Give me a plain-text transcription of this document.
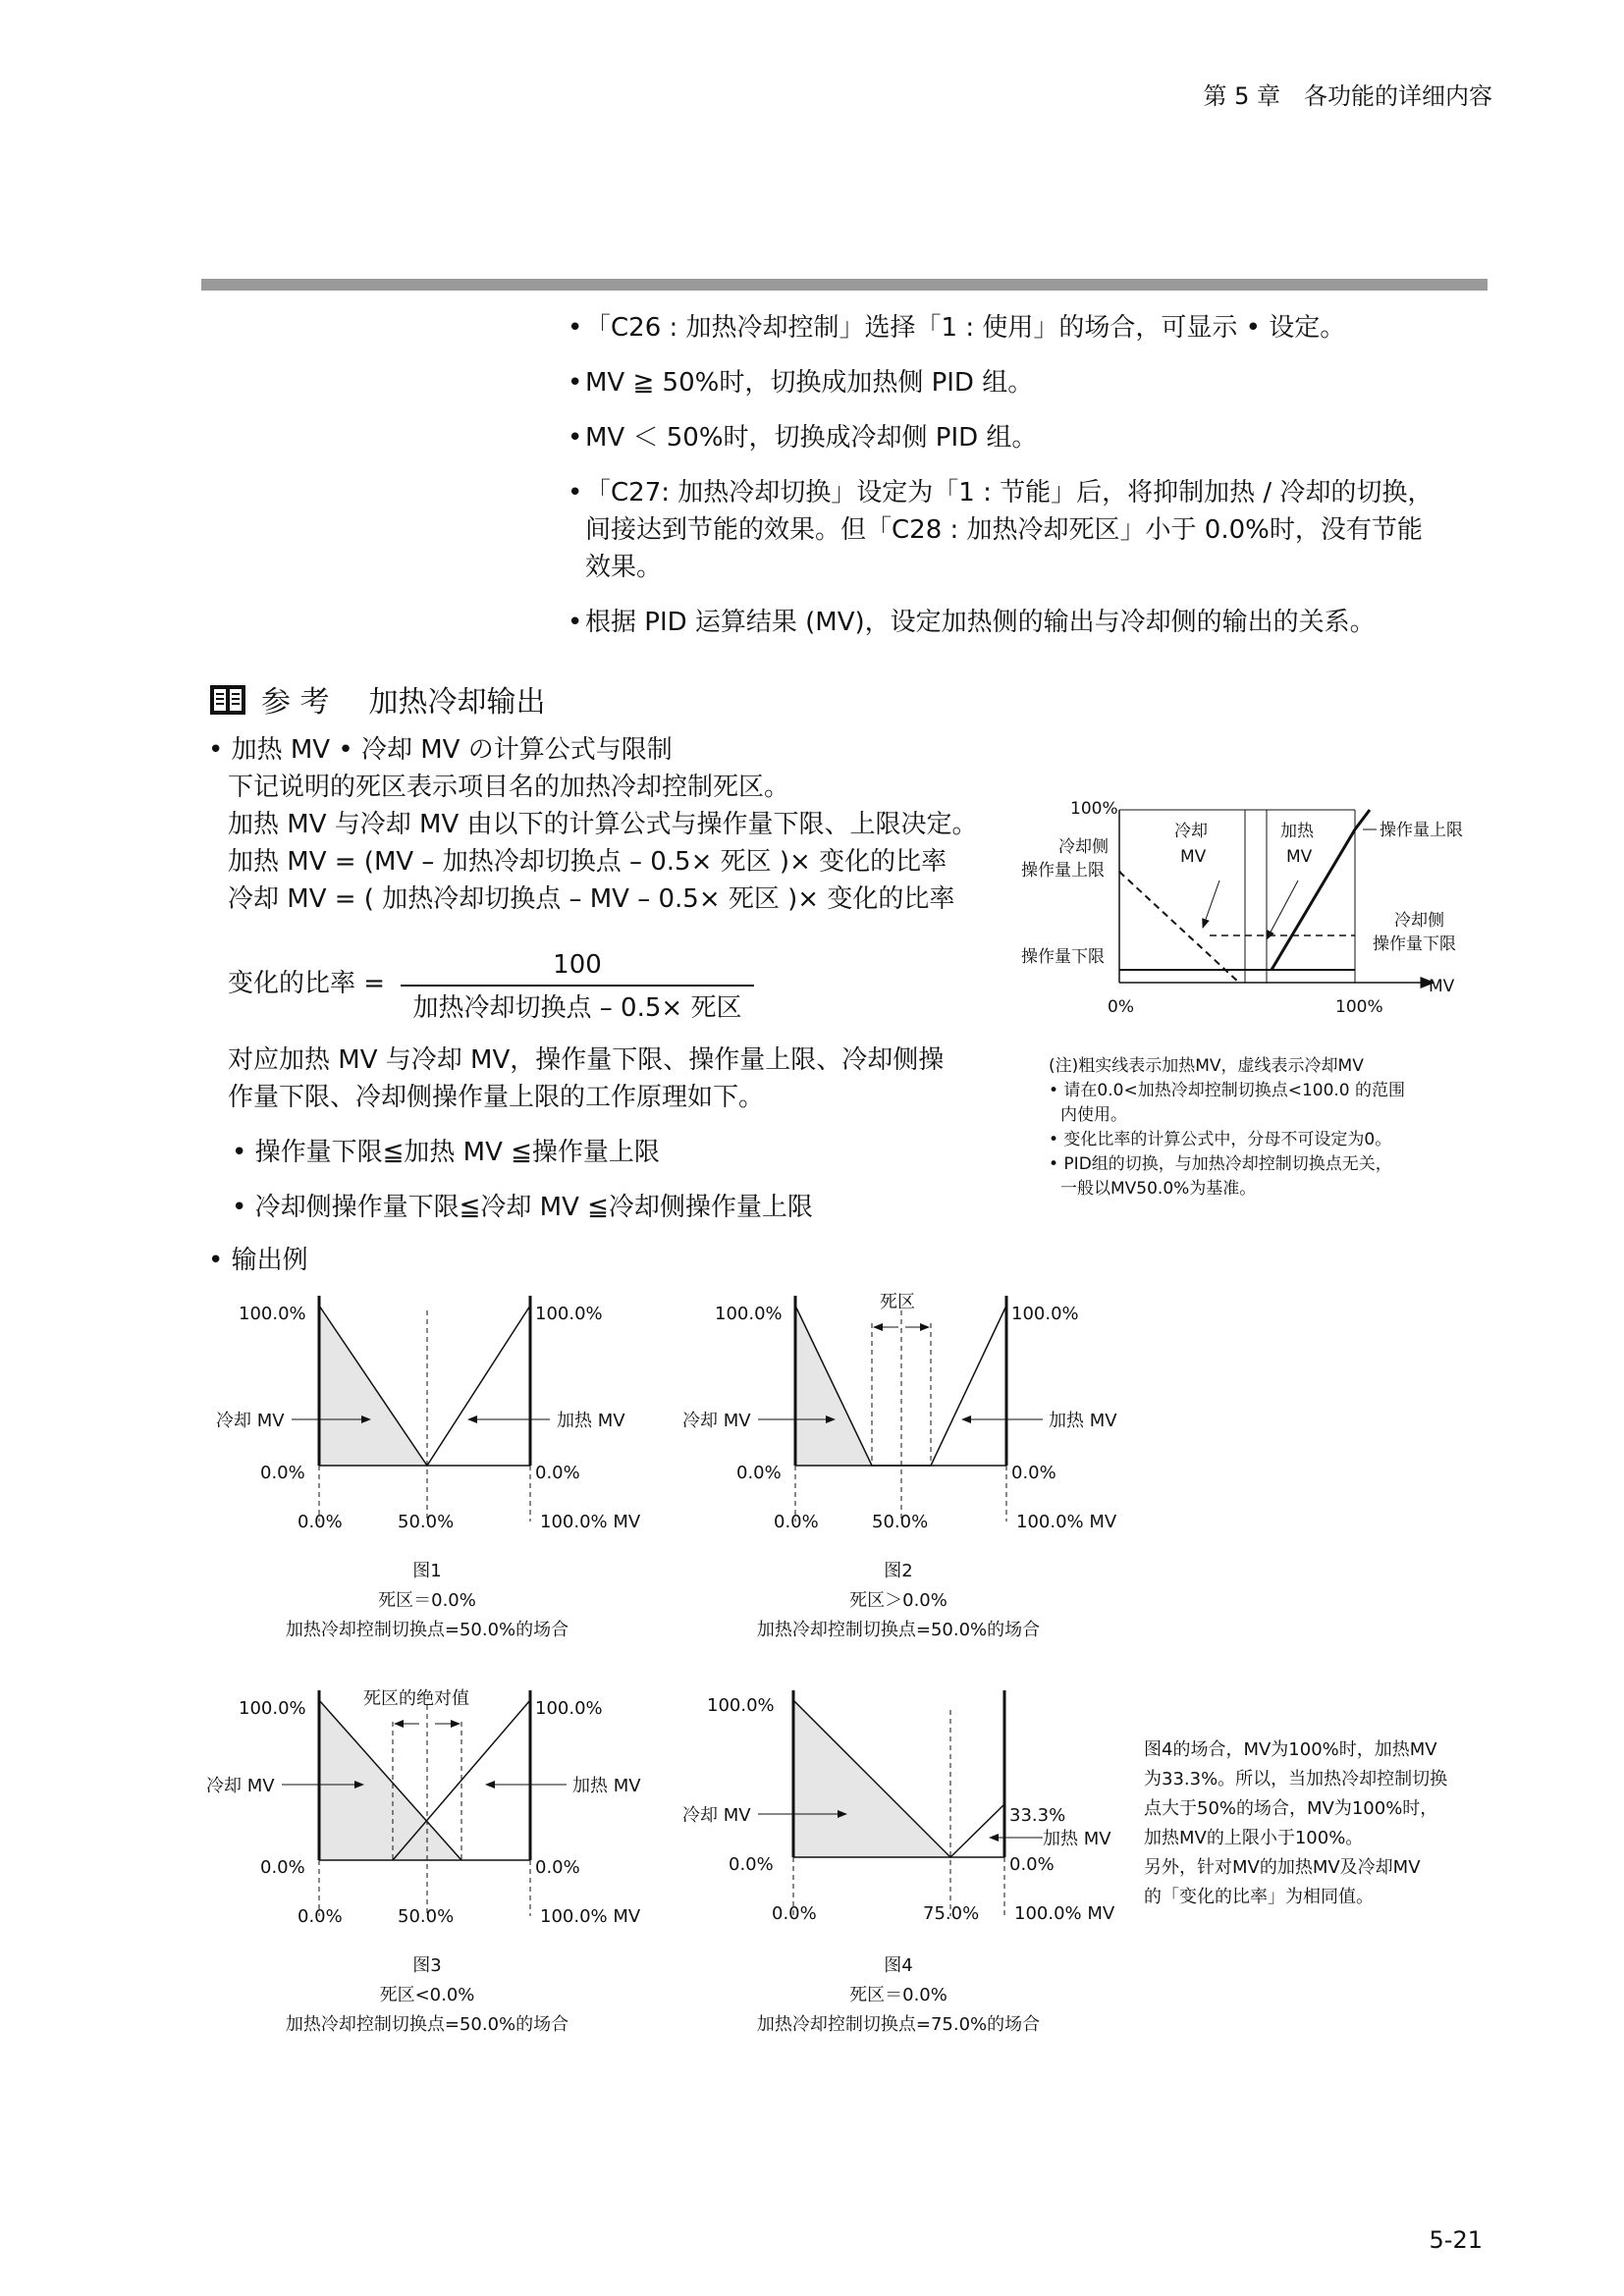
第 5 章　各功能的详细内容
• 「C26 : 加热冷却控制」选择「1 : 使用」的场合，可显示 • 设定。
• MV ≧ 50%时，切换成加热侧 PID 组。
• MV ＜ 50%时，切换成冷却侧 PID 组。
• 「C27: 加热冷却切换」设定为「1 : 节能」后，将抑制加热 / 冷却的切换，
间接达到节能的效果。但「C28 : 加热冷却死区」小于 0.0%时，没有节能
效果。
• 根据 PID 运算结果 (MV)，设定加热侧的输出与冷却侧的输出的关系。
参 考 加热冷却输出
• 加热 MV • 冷却 MV の计算公式与限制
下记说明的死区表示项目名的加热冷却控制死区。
加热 MV 与冷却 MV 由以下的计算公式与操作量下限、上限决定。
加热 MV = (MV – 加热冷却切换点 – 0.5× 死区 )× 变化的比率
冷却 MV = ( 加热冷却切换点 – MV – 0.5× 死区 )× 变化的比率
变化的比率 =
100
加热冷却切换点 – 0.5× 死区
对应加热 MV 与冷却 MV，操作量下限、操作量上限、冷却侧操
作量下限、冷却侧操作量上限的工作原理如下。
• 操作量下限≦加热 MV ≦操作量上限
• 冷却侧操作量下限≦冷却 MV ≦冷却侧操作量上限
• 输出例
100%
冷却侧
操作量上限
操作量下限
0%	100%
MV
冷却
MV
加热
MV
操作量上限
冷却侧
操作量下限
(注)粗实线表示加热MV，虚线表示冷却MV
• 请在0.0<加热冷却控制切换点<100.0 的范围
内使用。
• 变化比率的计算公式中，分母不可设定为0。
• PID组的切换，与加热冷却控制切换点无关，
一般以MV50.0%为基准。
100.0%	100.0%
冷却 MV	加热 MV
0.0%	0.0%
0.0%	50.0%	100.0% MV
图1
死区＝0.0%
加热冷却控制切换点=50.0%的场合
死区
100.0%	100.0%
冷却 MV	加热 MV
0.0%	0.0%
0.0%	50.0%	100.0% MV
图2
死区＞0.0%
加热冷却控制切换点=50.0%的场合
死区的绝对值
100.0%	100.0%
冷却 MV	加热 MV
0.0%	0.0%
0.0%	50.0%	100.0% MV
图3
死区<0.0%
加热冷却控制切换点=50.0%的场合
100.0%
冷却 MV	33.3%
加热 MV
0.0%	0.0%
0.0%	75.0% 100.0% MV
图4
死区＝0.0%
加热冷却控制切换点=75.0%的场合
图4的场合，MV为100%时，加热MV
为33.3%。所以，当加热冷却控制切换
点大于50%的场合，MV为100%时，
加热MV的上限小于100%。
另外，针对MV的加热MV及冷却MV
的「变化的比率」为相同值。
5-21
